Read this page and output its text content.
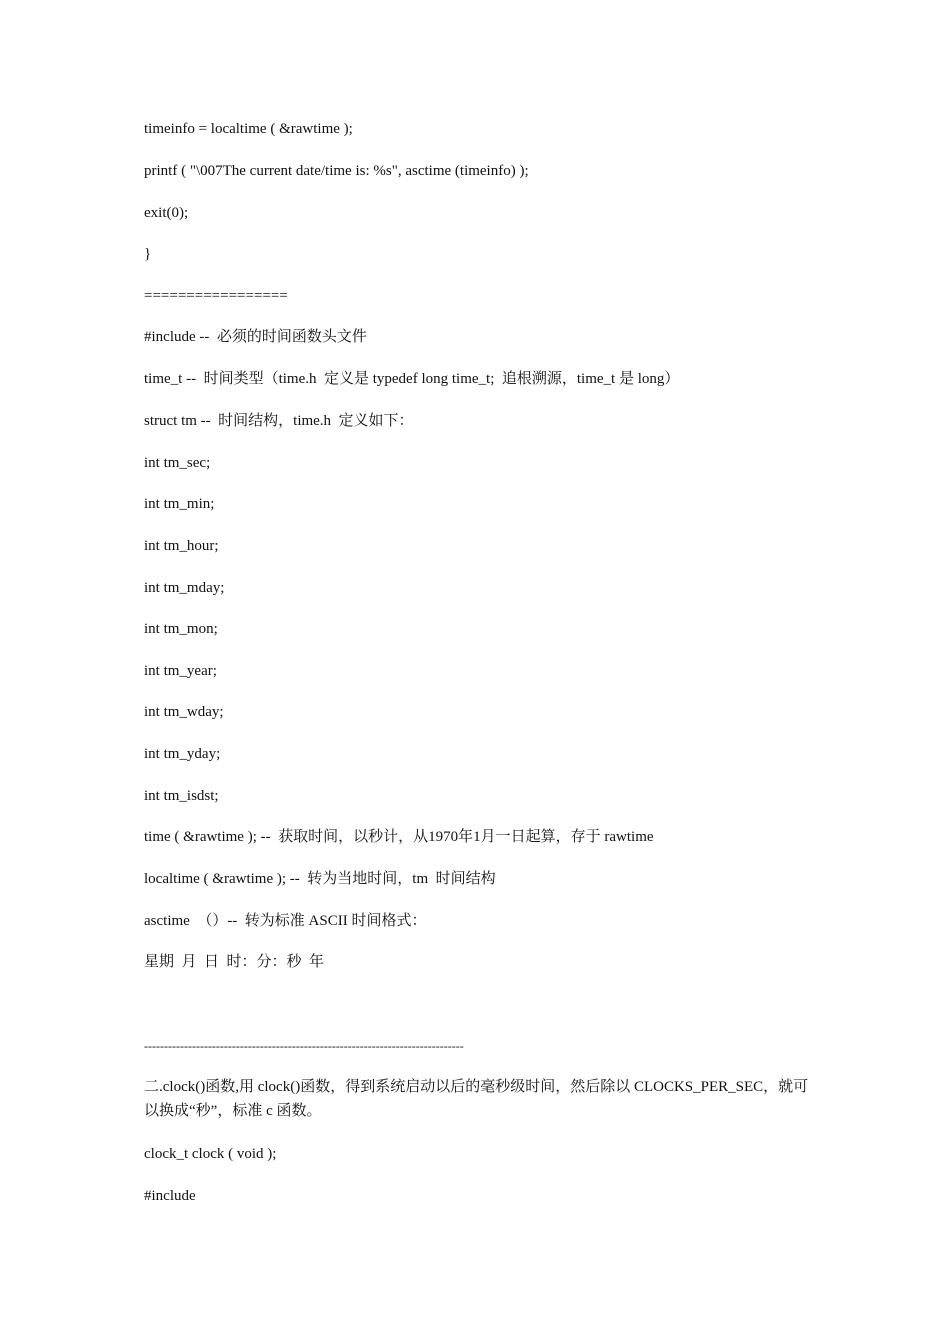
timeinfo = localtime ( &rawtime );
printf ( "\007The current date/time is: %s", asctime (timeinfo) );
exit(0);
}
=================
#include --  必须的时间函数头文件
time_t --  时间类型（time.h  定义是 typedef long time_t;  追根溯源，time_t 是 long）
struct tm --  时间结构，time.h  定义如下：
int tm_sec;
int tm_min;
int tm_hour;
int tm_mday;
int tm_mon;
int tm_year;
int tm_wday;
int tm_yday;
int tm_isdst;
time ( &rawtime ); --  获取时间，以秒计，从1970年1月一日起算，存于 rawtime
localtime ( &rawtime ); --  转为当地时间，tm  时间结构
asctime  （）--  转为标准 ASCII 时间格式：
星期  月  日  时：分：秒  年
--------------------------------------------------------------------------------
二.clock()函数,用 clock()函数，得到系统启动以后的毫秒级时间，然后除以 CLOCKS_PER_SEC，就可以换成“秒”，标准 c 函数。
clock_t clock ( void );
#include
